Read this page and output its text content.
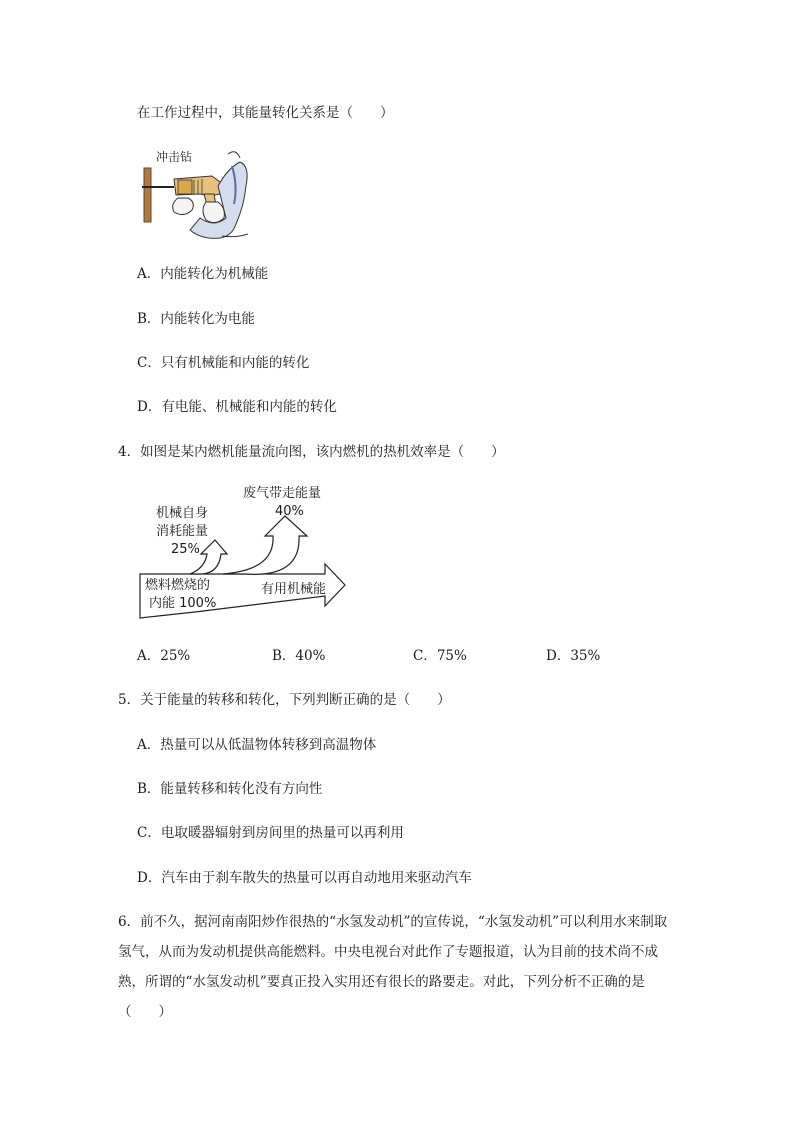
在工作过程中，其能量转化关系是（　　）
冲击钻
A．内能转化为机械能
B．内能转化为电能
C．只有机械能和内能的转化
D．有电能、机械能和内能的转化
4．如图是某内燃机能量流向图，该内燃机的热机效率是（　　）
废气带走能量
40%
机械自身
消耗能量
25%
燃料燃烧的
内能 100%
有用机械能
A．25%	B．40%	C．75%	D．35%
5．关于能量的转移和转化，下列判断正确的是（　　）
A．热量可以从低温物体转移到高温物体
B．能量转移和转化没有方向性
C．电取暖器辐射到房间里的热量可以再利用
D．汽车由于刹车散失的热量可以再自动地用来驱动汽车
6．前不久，据河南南阳炒作很热的“水氢发动机”的宣传说，“水氢发动机”可以利用水来制取氢气，从而为发动机提供高能燃料。中央电视台对此作了专题报道，认为目前的技术尚不成熟，所谓的“水氢发动机”要真正投入实用还有很长的路要走。对此，下列分析不正确的是（　　）
